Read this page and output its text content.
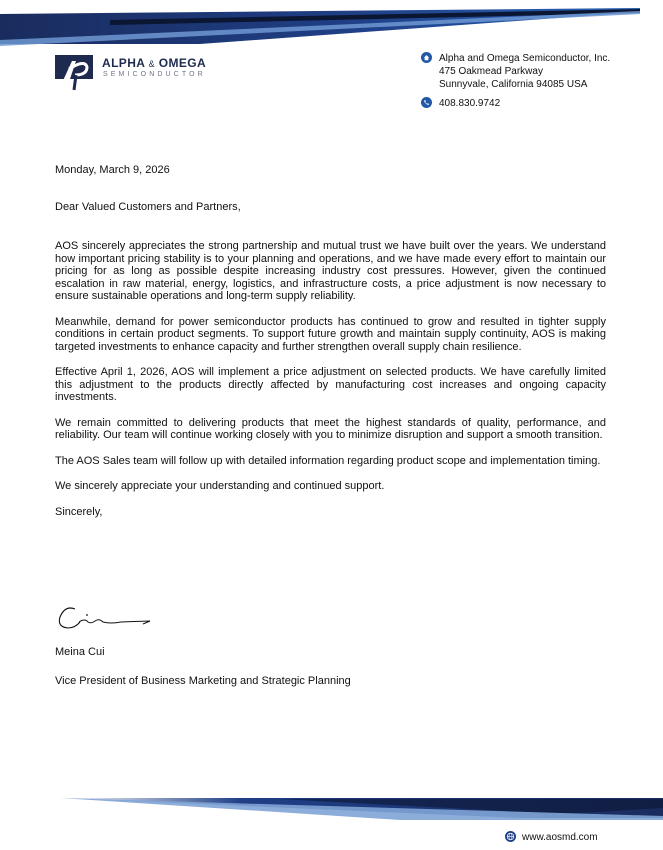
ALPHA & OMEGA
SEMICONDUCTOR
Alpha and Omega Semiconductor, Inc.
475 Oakmead Parkway
Sunnyvale, California 94085 USA
408.830.9742

Monday, March 9, 2026

Dear Valued Customers and Partners,

AOS sincerely appreciates the strong partnership and mutual trust we have built over the years. We understand how important pricing stability is to your planning and operations, and we have made every effort to maintain our pricing for as long as possible despite increasing industry cost pressures. However, given the continued escalation in raw material, energy, logistics, and infrastructure costs, a price adjustment is now necessary to ensure sustainable operations and long-term supply reliability.

Meanwhile, demand for power semiconductor products has continued to grow and resulted in tighter supply conditions in certain product segments. To support future growth and maintain supply continuity, AOS is making targeted investments to enhance capacity and further strengthen overall supply chain resilience.

Effective April 1, 2026, AOS will implement a price adjustment on selected products. We have carefully limited this adjustment to the products directly affected by manufacturing cost increases and ongoing capacity investments.

We remain committed to delivering products that meet the highest standards of quality, performance, and reliability. Our team will continue working closely with you to minimize disruption and support a smooth transition.

The AOS Sales team will follow up with detailed information regarding product scope and implementation timing.

We sincerely appreciate your understanding and continued support.

Sincerely,

Meina Cui
Vice President of Business Marketing and Strategic Planning
www.aosmd.com
